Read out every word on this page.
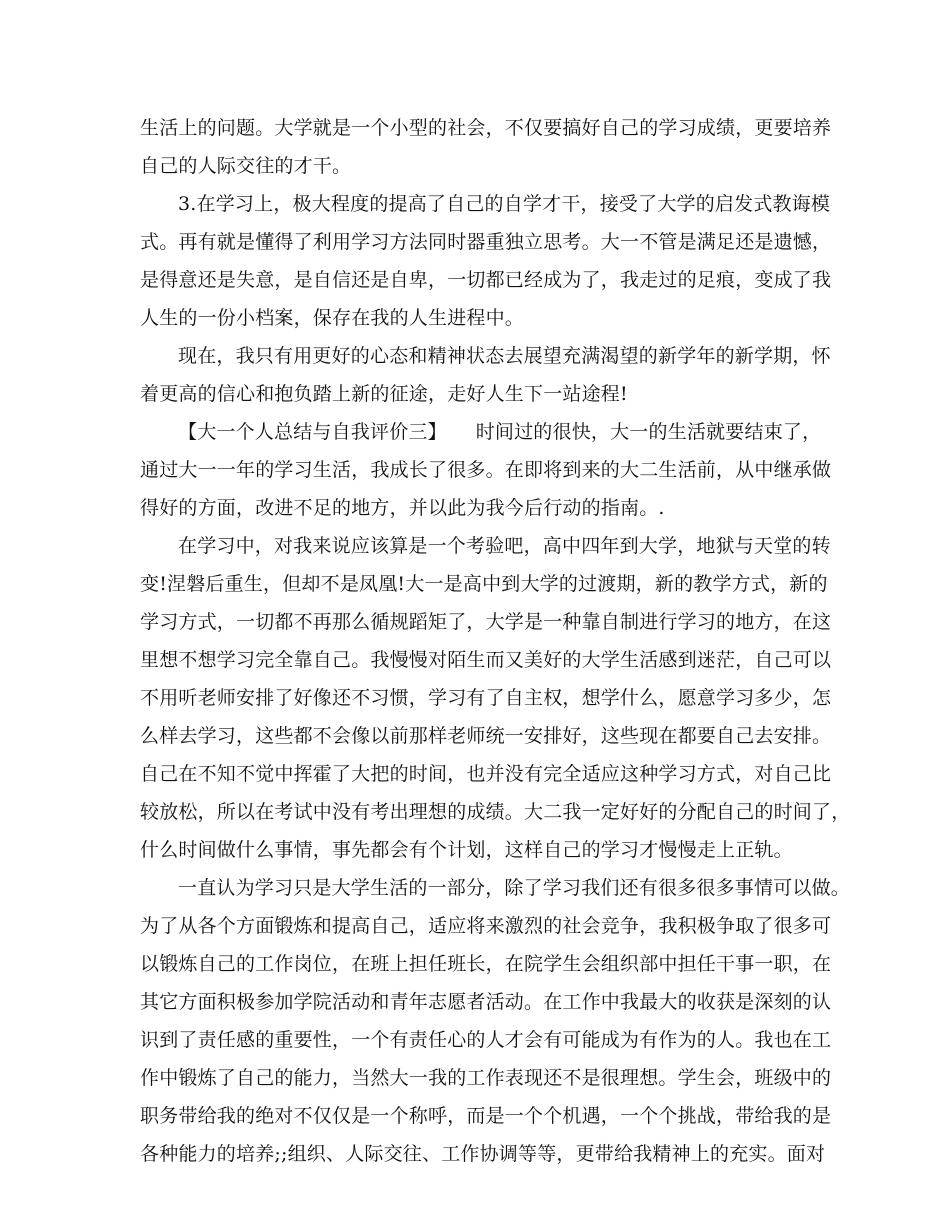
生活上的问题。大学就是一个小型的社会，不仅要搞好自己的学习成绩，更要培养
自己的人际交往的才干。
3.在学习上，极大程度的提高了自己的自学才干，接受了大学的启发式教诲模
式。再有就是懂得了利用学习方法同时器重独立思考。大一不管是满足还是遗憾，
是得意还是失意，是自信还是自卑，一切都已经成为了，我走过的足痕，变成了我
人生的一份小档案，保存在我的人生进程中。
现在，我只有用更好的心态和精神状态去展望充满渴望的新学年的新学期，怀
着更高的信心和抱负踏上新的征途，走好人生下一站途程!
【大一个人总结与自我评价三】　　时间过的很快，大一的生活就要结束了，
通过大一一年的学习生活，我成长了很多。在即将到来的大二生活前，从中继承做
得好的方面，改进不足的地方，并以此为我今后行动的指南。.
在学习中，对我来说应该算是一个考验吧，高中四年到大学，地狱与天堂的转
变!涅磐后重生，但却不是凤凰!大一是高中到大学的过渡期，新的教学方式，新的
学习方式，一切都不再那么循规蹈矩了，大学是一种靠自制进行学习的地方，在这
里想不想学习完全靠自己。我慢慢对陌生而又美好的大学生活感到迷茫，自己可以
不用听老师安排了好像还不习惯，学习有了自主权，想学什么，愿意学习多少，怎
么样去学习，这些都不会像以前那样老师统一安排好，这些现在都要自己去安排。
自己在不知不觉中挥霍了大把的时间，也并没有完全适应这种学习方式，对自己比
较放松，所以在考试中没有考出理想的成绩。大二我一定好好的分配自己的时间了，
什么时间做什么事情，事先都会有个计划，这样自己的学习才慢慢走上正轨。
一直认为学习只是大学生活的一部分，除了学习我们还有很多很多事情可以做。
为了从各个方面锻炼和提高自己，适应将来激烈的社会竞争，我积极争取了很多可
以锻炼自己的工作岗位，在班上担任班长，在院学生会组织部中担任干事一职，在
其它方面积极参加学院活动和青年志愿者活动。在工作中我最大的收获是深刻的认
识到了责任感的重要性，一个有责任心的人才会有可能成为有作为的人。我也在工
作中锻炼了自己的能力，当然大一我的工作表现还不是很理想。学生会，班级中的
职务带给我的绝对不仅仅是一个称呼，而是一个个机遇，一个个挑战，带给我的是
各种能力的培养;;组织、人际交往、工作协调等等，更带给我精神上的充实。面对
